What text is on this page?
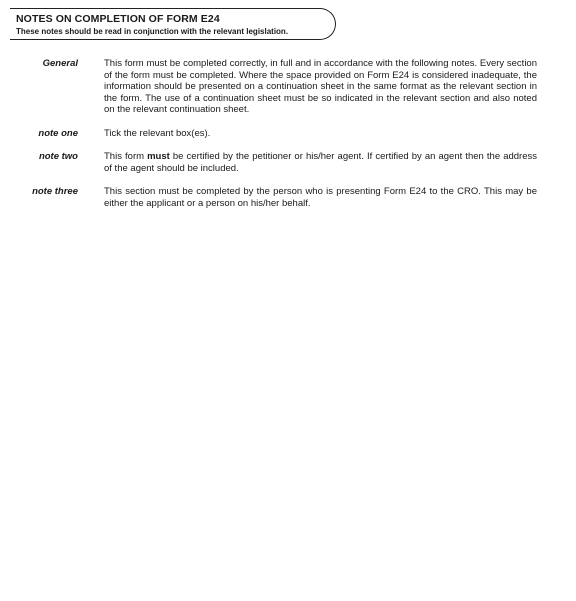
NOTES ON COMPLETION OF FORM E24
These notes should be read in conjunction with the relevant legislation.
General	This form must be completed correctly, in full and in accordance with the following notes. Every section of the form must be completed. Where the space provided on Form E24 is considered inadequate, the information should be presented on a continuation sheet in the same format as the relevant section in the form. The use of a continuation sheet must be so indicated in the relevant section and also noted on the relevant continuation sheet.
note one	Tick the relevant box(es).
note two	This form must be certified by the petitioner or his/her agent. If certified by an agent then the address of the agent should be included.
note three	This section must be completed by the person who is presenting Form E24 to the CRO. This may be either the applicant or a person on his/her behalf.
